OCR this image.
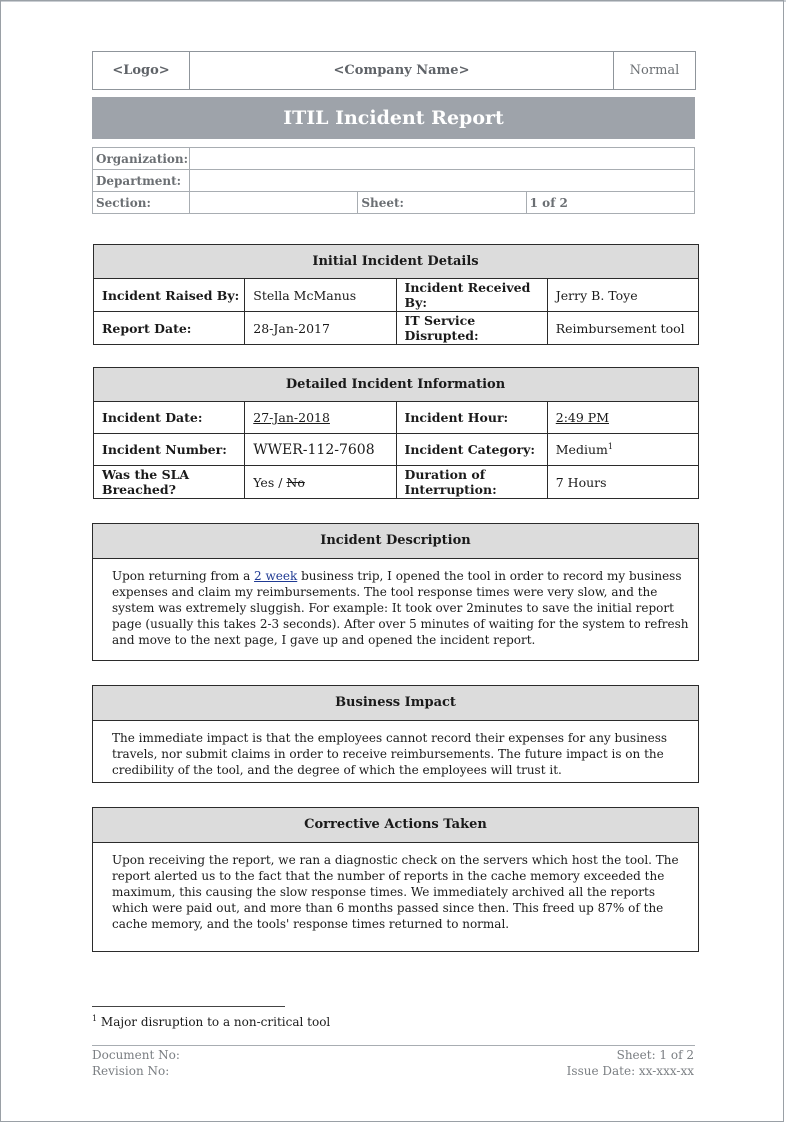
<Logo>	<Company Name>	Normal
ITIL Incident Report
Organization:			
Department:			
Section:		Sheet:	1 of 2
Initial Incident Details			
Incident Raised By:	Stella McManus	Incident Received By:	Jerry B. Toye
Report Date:	28-Jan-2017	IT Service Disrupted:	Reimbursement tool
Detailed Incident Information			
Incident Date:	27-Jan-2018	Incident Hour:	2:49 PM
Incident Number:	WWER-112-7608	Incident Category:	Medium$^1$
Was the SLA Breached?	Yes / No	Duration of Interruption:	7 Hours
Incident Description
Upon returning from a 2 week business trip, I opened the tool in order to record my business expenses and claim my reimbursements. The tool response times were very slow, and the system was extremely sluggish. For example: It took over 2minutes to save the initial report page (usually this takes 2-3 seconds). After over 5 minutes of waiting for the system to refresh and move to the next page, I gave up and opened the incident report.
Business Impact
The immediate impact is that the employees cannot record their expenses for any business travels, nor submit claims in order to receive reimbursements. The future impact is on the credibility of the tool, and the degree of which the employees will trust it.
Corrective Actions Taken
Upon receiving the report, we ran a diagnostic check on the servers which host the tool. The report alerted us to the fact that the number of reports in the cache memory exceeded the maximum, this causing the slow response times. We immediately archived all the reports which were paid out, and more than 6 months passed since then. This freed up 87% of the cache memory, and the tools' response times returned to normal.
$^1$ Major disruption to a non-critical tool
Document No:
Revision No:
Sheet: 1 of 2
Issue Date: xx-xxx-xx
